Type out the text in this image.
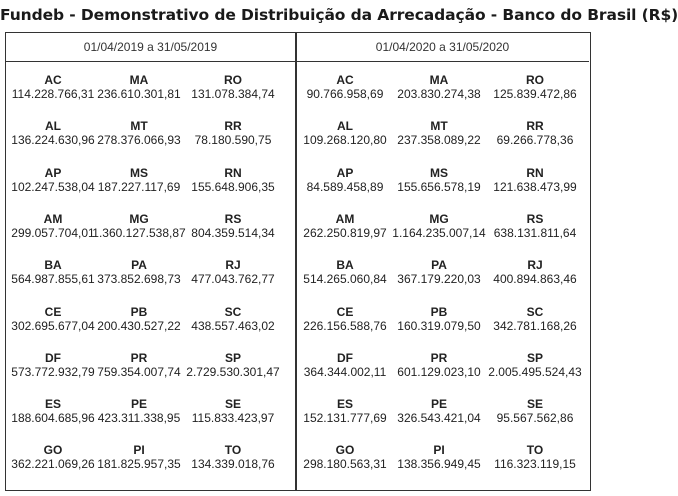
Fundeb - Demonstrativo de Distribuição da Arrecadação - Banco do Brasil (R$)
01/04/2019 a 31/05/2019
AC
114.228.766,31
MA
236.610.301,81
RO
131.078.384,74
AL
136.224.630,96
MT
278.376.066,93
RR
78.180.590,75
AP
102.247.538,04
MS
187.227.117,69
RN
155.648.906,35
AM
299.057.704,01
MG
1.360.127.538,87
RS
804.359.514,34
BA
564.987.855,61
PA
373.852.698,73
RJ
477.043.762,77
CE
302.695.677,04
PB
200.430.527,22
SC
438.557.463,02
DF
573.772.932,79
PR
759.354.007,74
SP
2.729.530.301,47
ES
188.604.685,96
PE
423.311.338,95
SE
115.833.423,97
GO
362.221.069,26
PI
181.825.957,35
TO
134.339.018,76
01/04/2020 a 31/05/2020
AC
90.766.958,69
MA
203.830.274,38
RO
125.839.472,86
AL
109.268.120,80
MT
237.358.089,22
RR
69.266.778,36
AP
84.589.458,89
MS
155.656.578,19
RN
121.638.473,99
AM
262.250.819,97
MG
1.164.235.007,14
RS
638.131.811,64
BA
514.265.060,84
PA
367.179.220,03
RJ
400.894.863,46
CE
226.156.588,76
PB
160.319.079,50
SC
342.781.168,26
DF
364.344.002,11
PR
601.129.023,10
SP
2.005.495.524,43
ES
152.131.777,69
PE
326.543.421,04
SE
95.567.562,86
GO
298.180.563,31
PI
138.356.949,45
TO
116.323.119,15
